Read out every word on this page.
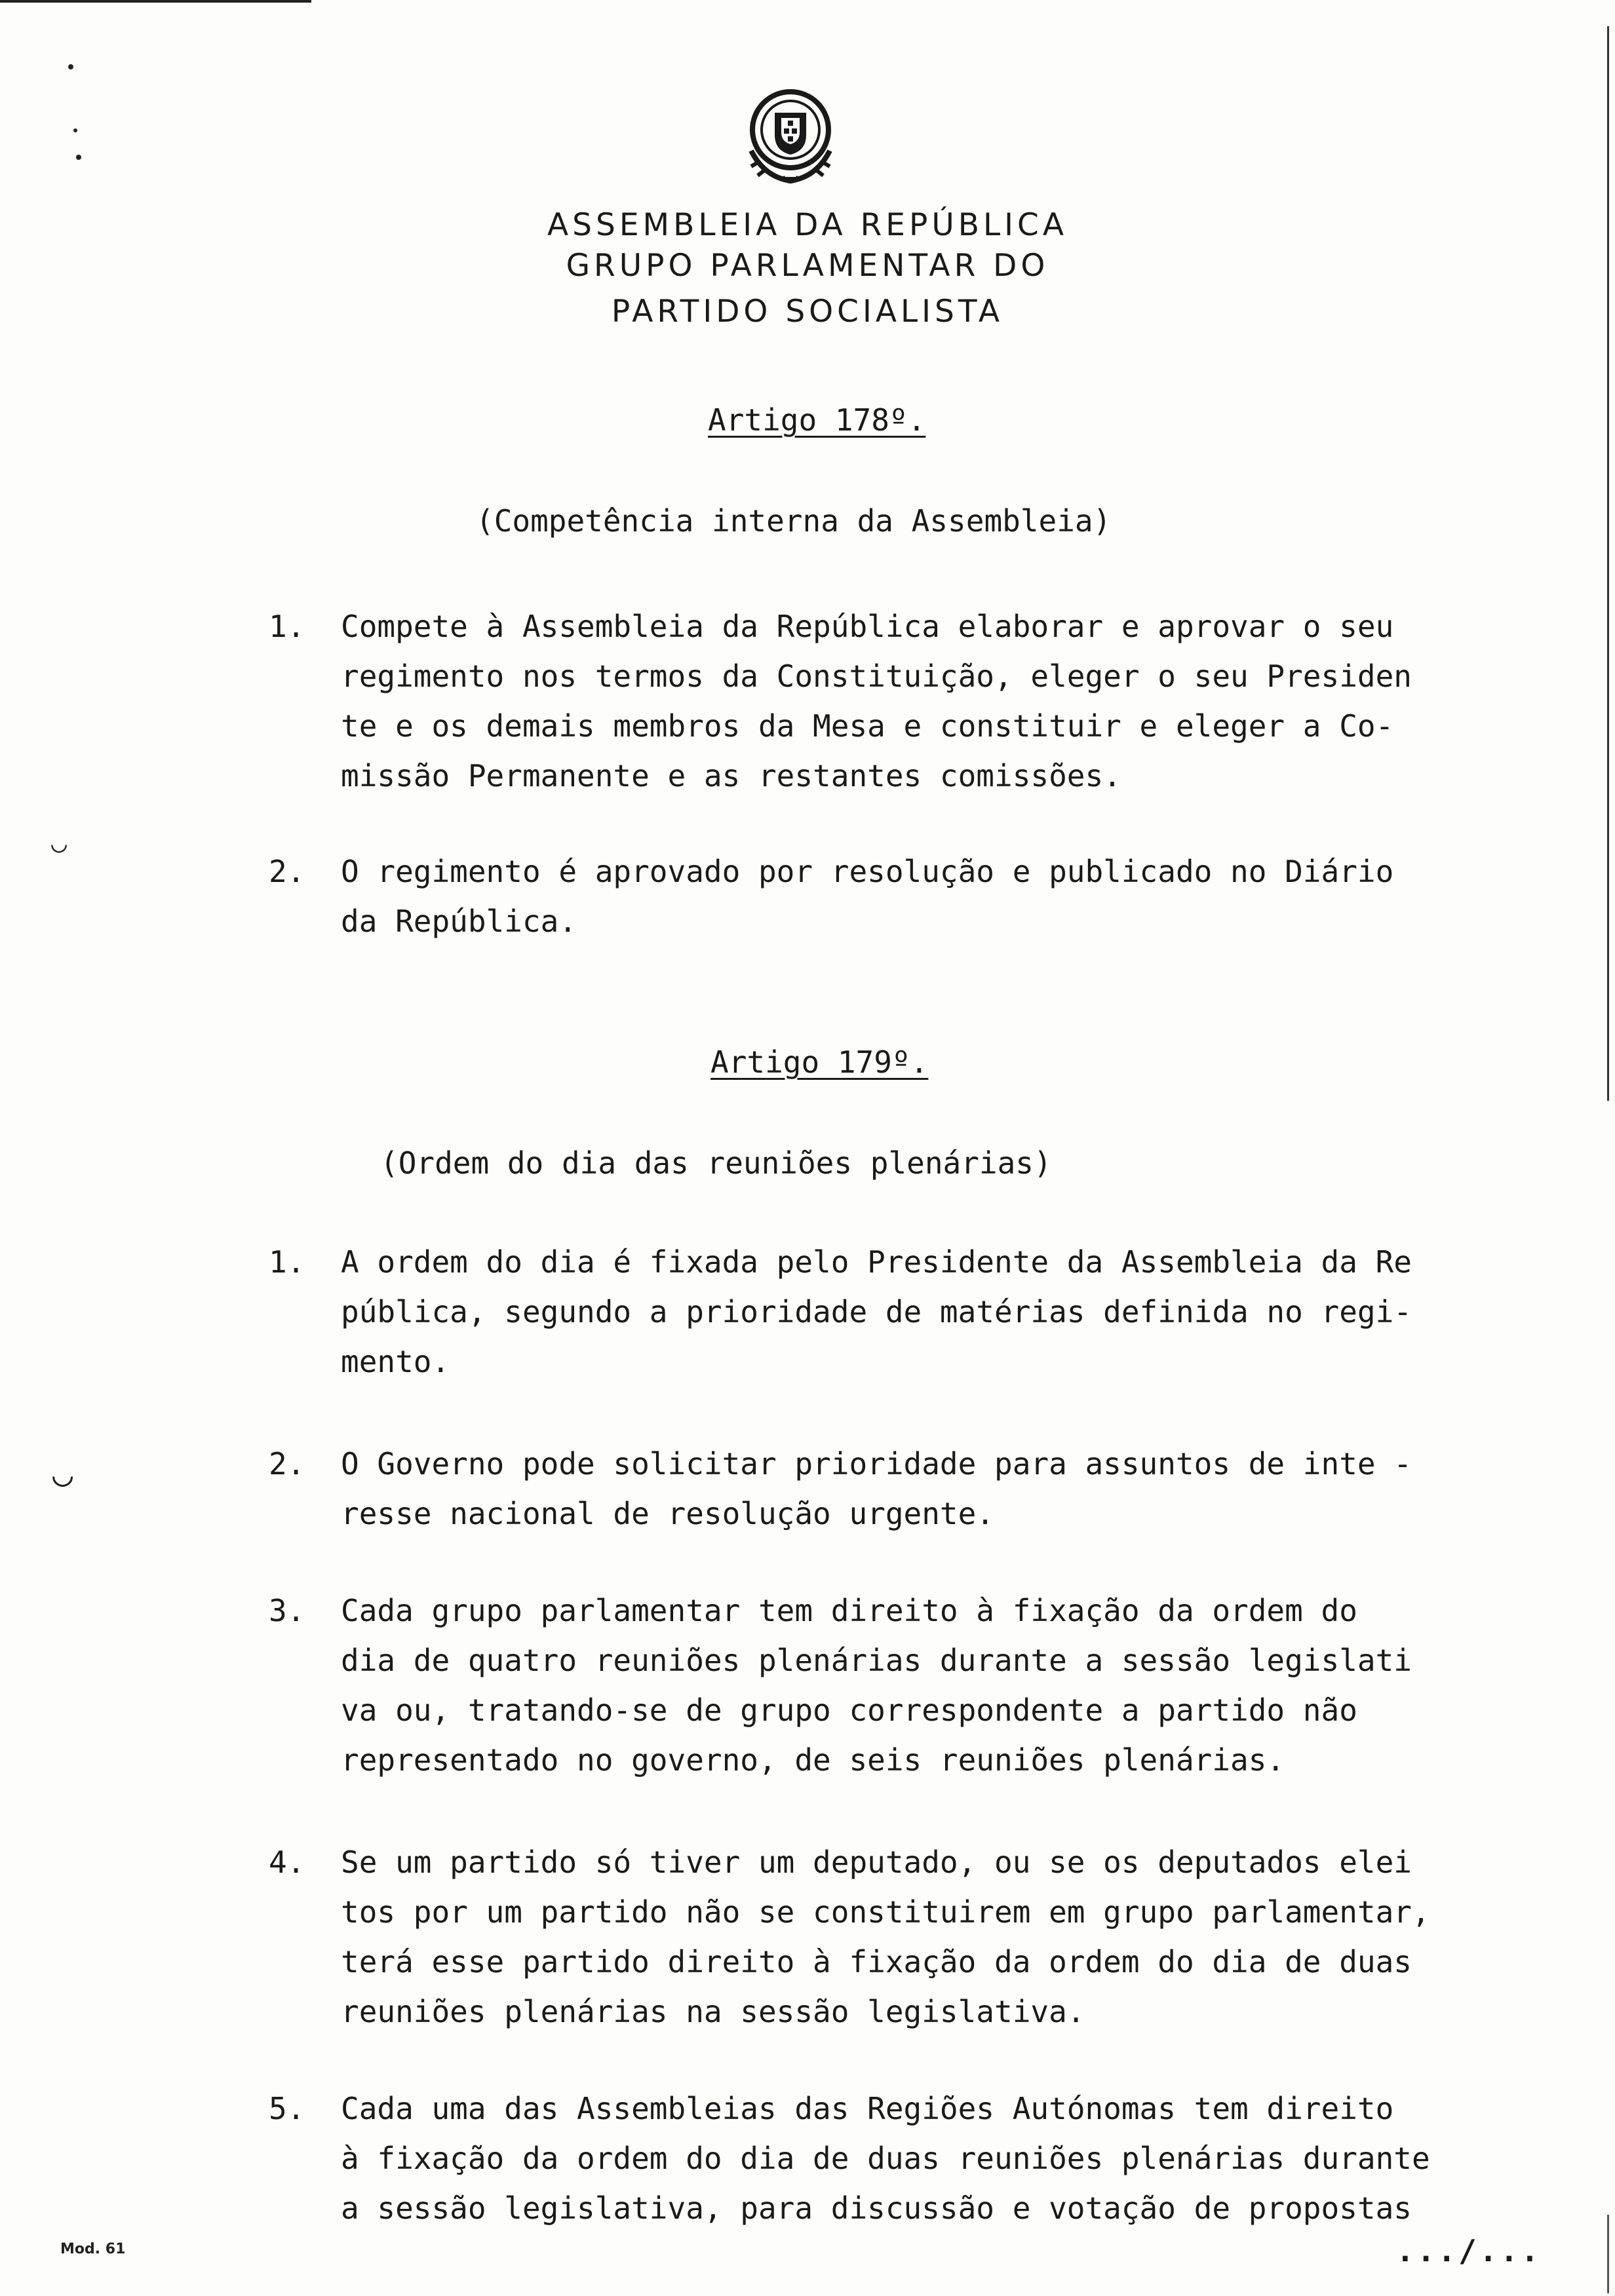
ASSEMBLEIA DA REPÚBLICA
GRUPO PARLAMENTAR DO
PARTIDO SOCIALISTA
Artigo 178º.
(Competência interna da Assembleia)
1. Compete à Assembleia da República elaborar e aprovar o seu
regimento nos termos da Constituição, eleger o seu Presiden
te e os demais membros da Mesa e constituir e eleger a Co-
missão Permanente e as restantes comissões.
◡
2. O regimento é aprovado por resolução e publicado no Diário
da República.
Artigo 179º.
(Ordem do dia das reuniões plenárias)
1. A ordem do dia é fixada pelo Presidente da Assembleia da Re
pública, segundo a prioridade de matérias definida no regi-
mento.
◡	2. O Governo pode solicitar prioridade para assuntos de inte -
resse nacional de resolução urgente.
3. Cada grupo parlamentar tem direito à fixação da ordem do
dia de quatro reuniões plenárias durante a sessão legislati
va ou, tratando-se de grupo correspondente a partido não
representado no governo, de seis reuniões plenárias.
4. Se um partido só tiver um deputado, ou se os deputados elei
tos por um partido não se constituirem em grupo parlamentar,
terá esse partido direito à fixação da ordem do dia de duas
reuniões plenárias na sessão legislativa.
5. Cada uma das Assembleias das Regiões Autónomas tem direito
à fixação da ordem do dia de duas reuniões plenárias durante
a sessão legislativa, para discussão e votação de propostas
Mod. 61	.../...
